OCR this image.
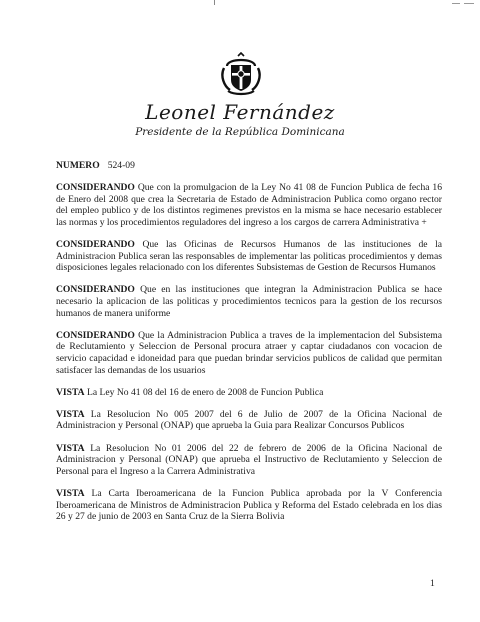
Leonel Fernández
Presidente de la República Dominicana
NUMERO 524-09

CONSIDERANDO Que con la promulgacion de la Ley No 41 08 de Funcion Publica de fecha 16 de Enero del 2008 que crea la Secretaria de Estado de Administracion Publica como organo rector del empleo publico y de los distintos regimenes previstos en la misma se hace necesario establecer las normas y los procedimientos reguladores del ingreso a los cargos de carrera Administrativa +

CONSIDERANDO Que las Oficinas de Recursos Humanos de las instituciones de la Administracion Publica seran las responsables de implementar las politicas procedimientos y demas disposiciones legales relacionado con los diferentes Subsistemas de Gestion de Recursos Humanos

CONSIDERANDO Que en las instituciones que integran la Administracion Publica se hace necesario la aplicacion de las politicas y procedimientos tecnicos para la gestion de los recursos humanos de manera uniforme

CONSIDERANDO Que la Administracion Publica a traves de la implementacion del Subsistema de Reclutamiento y Seleccion de Personal procura atraer y captar ciudadanos con vocacion de servicio capacidad e idoneidad para que puedan brindar servicios publicos de calidad que permitan satisfacer las demandas de los usuarios

VISTA La Ley No 41 08 del 16 de enero de 2008 de Funcion Publica

VISTA La Resolucion No 005 2007 del 6 de Julio de 2007 de la Oficina Nacional de Administracion y Personal (ONAP) que aprueba la Guia para Realizar Concursos Publicos

VISTA La Resolucion No 01 2006 del 22 de febrero de 2006 de la Oficina Nacional de Administracion y Personal (ONAP) que aprueba el Instructivo de Reclutamiento y Seleccion de Personal para el Ingreso a la Carrera Administrativa

VISTA La Carta Iberoamericana de la Funcion Publica aprobada por la V Conferencia Iberoamericana de Ministros de Administracion Publica y Reforma del Estado celebrada en los dias 26 y 27 de junio de 2003 en Santa Cruz de la Sierra Bolivia

1
